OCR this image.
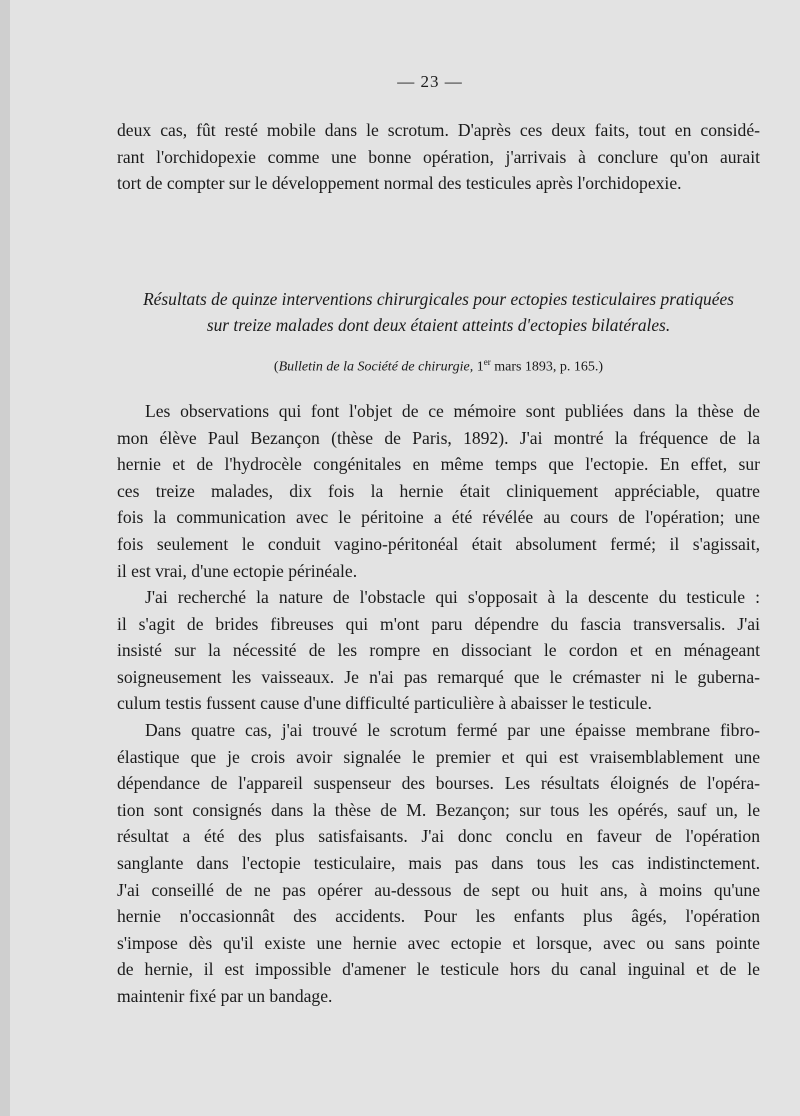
— 23 —

deux cas, fût resté mobile dans le scrotum. D'après ces deux faits, tout en considé-
rant l'orchidopexie comme une bonne opération, j'arrivais à conclure qu'on aurait
tort de compter sur le développement normal des testicules après l'orchidopexie.

Résultats de quinze interventions chirurgicales pour ectopies testiculaires pratiquées
sur treize malades dont deux étaient atteints d'ectopies bilatérales.
(Bulletin de la Société de chirurgie, 1er mars 1893, p. 165.)

Les observations qui font l'objet de ce mémoire sont publiées dans la thèse de
mon élève Paul Bezançon (thèse de Paris, 1892). J'ai montré la fréquence de la
hernie et de l'hydrocèle congénitales en même temps que l'ectopie. En effet, sur
ces treize malades, dix fois la hernie était cliniquement appréciable, quatre
fois la communication avec le péritoine a été révélée au cours de l'opération; une
fois seulement le conduit vagino-péritonéal était absolument fermé; il s'agissait,
il est vrai, d'une ectopie périnéale.

J'ai recherché la nature de l'obstacle qui s'opposait à la descente du testicule :
il s'agit de brides fibreuses qui m'ont paru dépendre du fascia transversalis. J'ai
insisté sur la nécessité de les rompre en dissociant le cordon et en ménageant
soigneusement les vaisseaux. Je n'ai pas remarqué que le crémaster ni le guberna-
culum testis fussent cause d'une difficulté particulière à abaisser le testicule.

Dans quatre cas, j'ai trouvé le scrotum fermé par une épaisse membrane fibro-
élastique que je crois avoir signalée le premier et qui est vraisemblablement une
dépendance de l'appareil suspenseur des bourses. Les résultats éloignés de l'opéra-
tion sont consignés dans la thèse de M. Bezançon; sur tous les opérés, sauf un, le
résultat a été des plus satisfaisants. J'ai donc conclu en faveur de l'opération
sanglante dans l'ectopie testiculaire, mais pas dans tous les cas indistinctement.
J'ai conseillé de ne pas opérer au-dessous de sept ou huit ans, à moins qu'une
hernie n'occasionnât des accidents. Pour les enfants plus âgés, l'opération
s'impose dès qu'il existe une hernie avec ectopie et lorsque, avec ou sans pointe
de hernie, il est impossible d'amener le testicule hors du canal inguinal et de le
maintenir fixé par un bandage.
